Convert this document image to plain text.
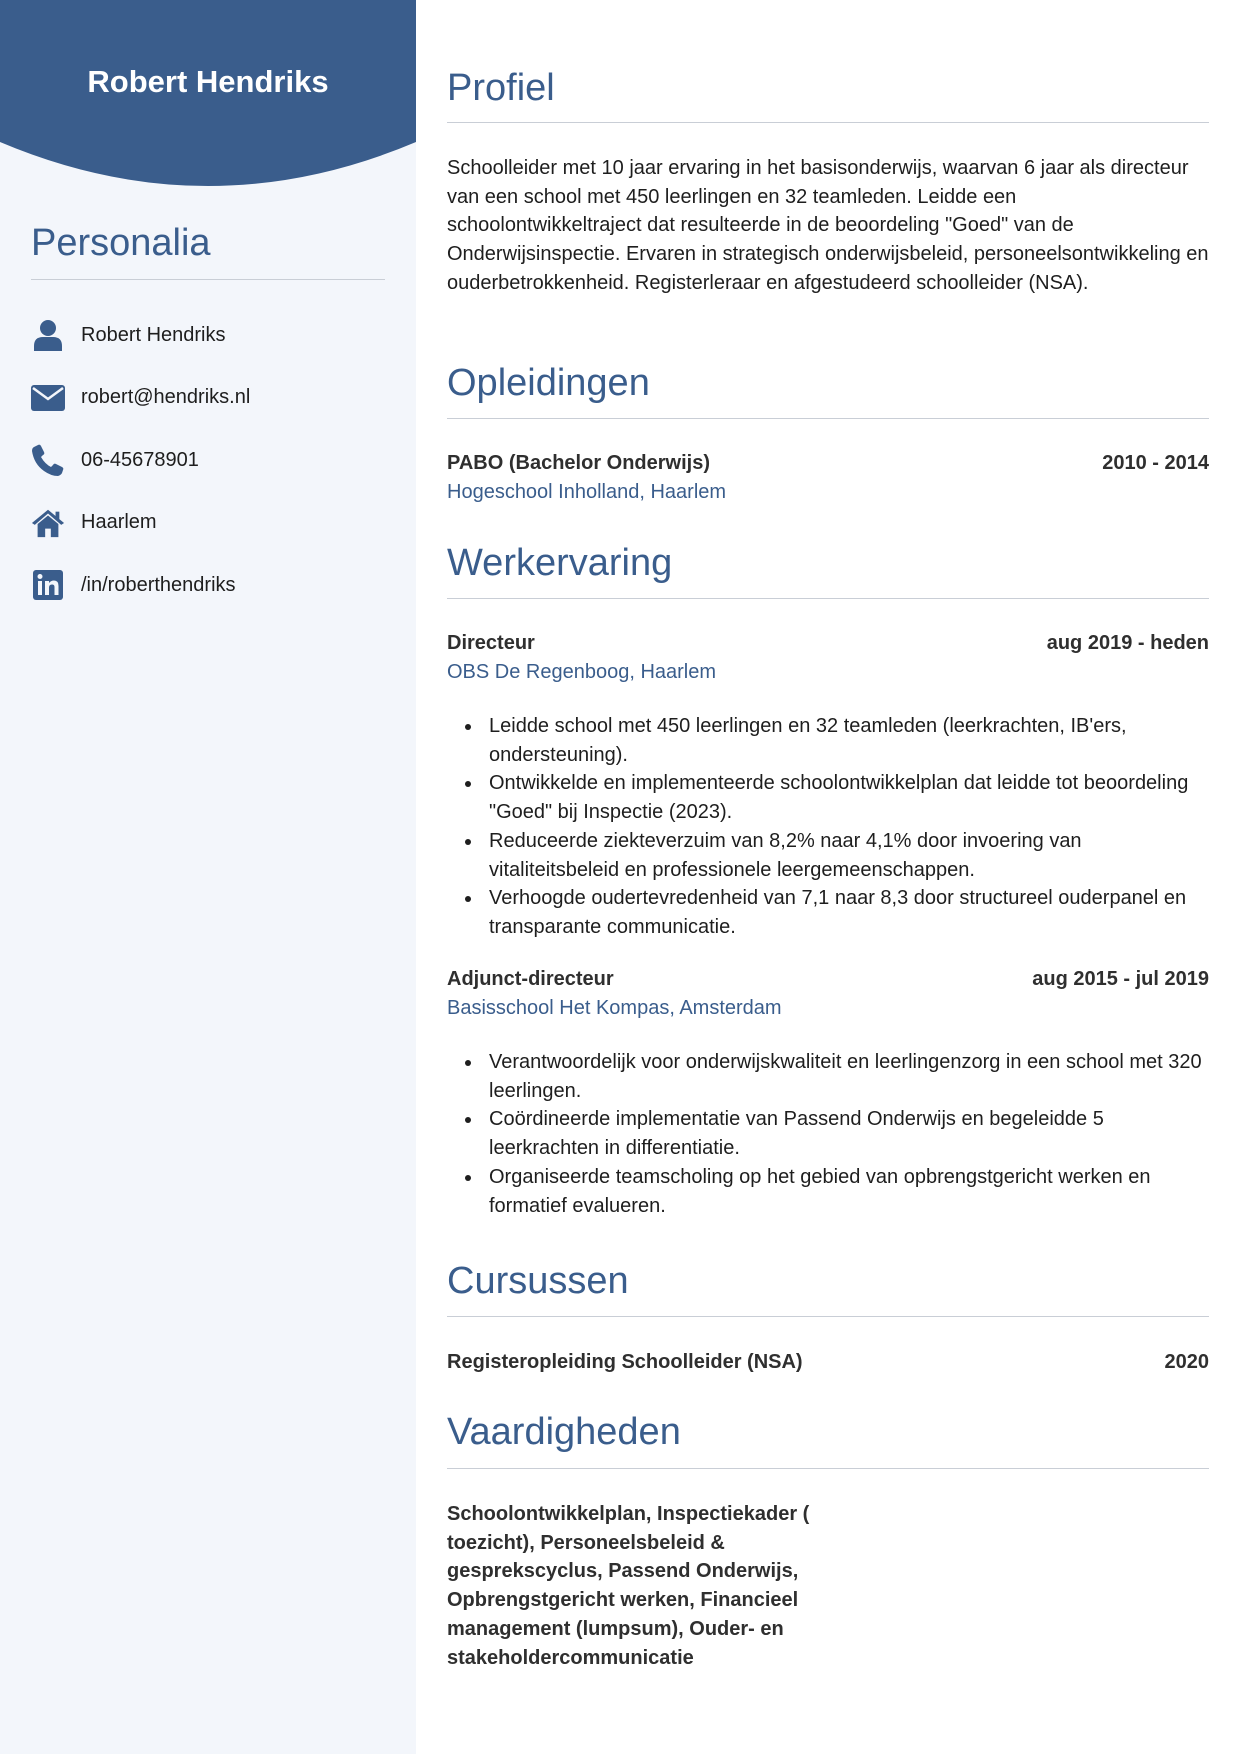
Robert Hendriks
Personalia
Robert Hendriks
robert@hendriks.nl
06-45678901
Haarlem
/in/roberthendriks
Profiel
Schoolleider met 10 jaar ervaring in het basisonderwijs, waarvan 6 jaar als directeur van een school met 450 leerlingen en 32 teamleden. Leidde een schoolontwikkeltraject dat resulteerde in de beoordeling "Goed" van de Onderwijsinspectie. Ervaren in strategisch onderwijsbeleid, personeelsontwikkeling en ouderbetrokkenheid. Registerleraar en afgestudeerd schoolleider (NSA).
Opleidingen
PABO (Bachelor Onderwijs)	2010 - 2014
Hogeschool Inholland, Haarlem
Werkervaring
Directeur	aug 2019 - heden
OBS De Regenboog, Haarlem
Leidde school met 450 leerlingen en 32 teamleden (leerkrachten, IB'ers, ondersteuning).
Ontwikkelde en implementeerde schoolontwikkelplan dat leidde tot beoordeling "Goed" bij Inspectie (2023).
Reduceerde ziekteverzuim van 8,2% naar 4,1% door invoering van vitaliteitsbeleid en professionele leergemeenschappen.
Verhoogde oudertevredenheid van 7,1 naar 8,3 door structureel ouderpanel en transparante communicatie.
Adjunct-directeur	aug 2015 - jul 2019
Basisschool Het Kompas, Amsterdam
Verantwoordelijk voor onderwijskwaliteit en leerlingenzorg in een school met 320 leerlingen.
Coördineerde implementatie van Passend Onderwijs en begeleidde 5 leerkrachten in differentiatie.
Organiseerde teamscholing op het gebied van opbrengstgericht werken en formatief evalueren.
Cursussen
Registeropleiding Schoolleider (NSA)	2020
Vaardigheden
Schoolontwikkelplan, Inspectiekader ( toezicht), Personeelsbeleid & gesprekscyclus, Passend Onderwijs, Opbrengstgericht werken, Financieel management (lumpsum), Ouder- en stakeholdercommunicatie
